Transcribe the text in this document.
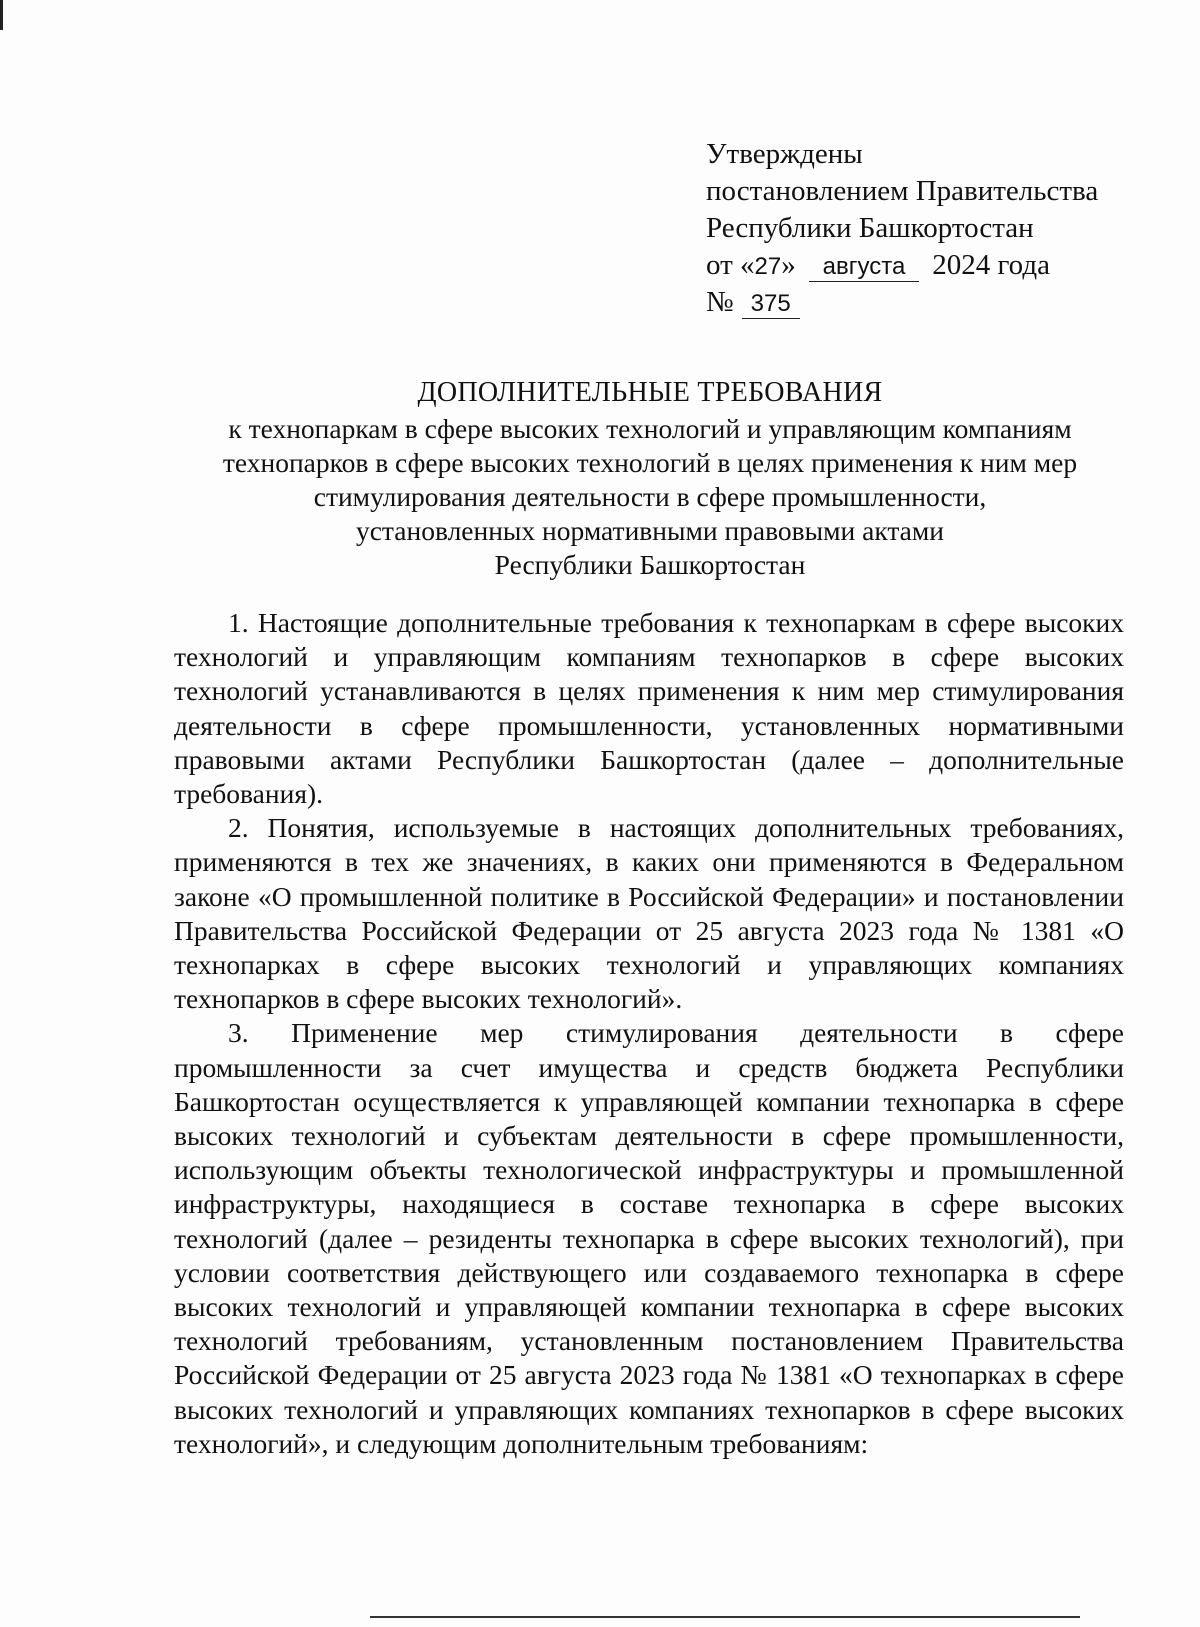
Утверждены
постановлением Правительства
Республики Башкортостан
от «27» августа 2024 года
№ 375
ДОПОЛНИТЕЛЬНЫЕ ТРЕБОВАНИЯ
к технопаркам в сфере высоких технологий и управляющим компаниям
технопарков в сфере высоких технологий в целях применения к ним мер
стимулирования деятельности в сфере промышленности,
установленных нормативными правовыми актами
Республики Башкортостан

1. Настоящие дополнительные требования к технопаркам в сфере высоких технологий и управляющим компаниям технопарков в сфере высоких технологий устанавливаются в целях применения к ним мер стимулирования деятельности в сфере промышленности, установленных нормативными правовыми актами Республики Башкортостан (далее – дополнительные требования).

2. Понятия, используемые в настоящих дополнительных требованиях, применяются в тех же значениях, в каких они применяются в Федеральном законе «О промышленной политике в Российской Федерации» и постановлении Правительства Российской Федерации от 25 августа 2023 года № 1381 «О технопарках в сфере высоких технологий и управляющих компаниях технопарков в сфере высоких технологий».

3. Применение мер стимулирования деятельности в сфере промышленности за счет имущества и средств бюджета Республики Башкортостан осуществляется к управляющей компании технопарка в сфере высоких технологий и субъектам деятельности в сфере промышленности, использующим объекты технологической инфраструктуры и промышленной инфраструктуры, находящиеся в составе технопарка в сфере высоких технологий (далее – резиденты технопарка в сфере высоких технологий), при условии соответствия действующего или создаваемого технопарка в сфере высоких технологий и управляющей компании технопарка в сфере высоких технологий требованиям, установленным постановлением Правительства Российской Федерации от 25 августа 2023 года № 1381 «О технопарках в сфере высоких технологий и управляющих компаниях технопарков в сфере высоких технологий», и следующим дополнительным требованиям:
